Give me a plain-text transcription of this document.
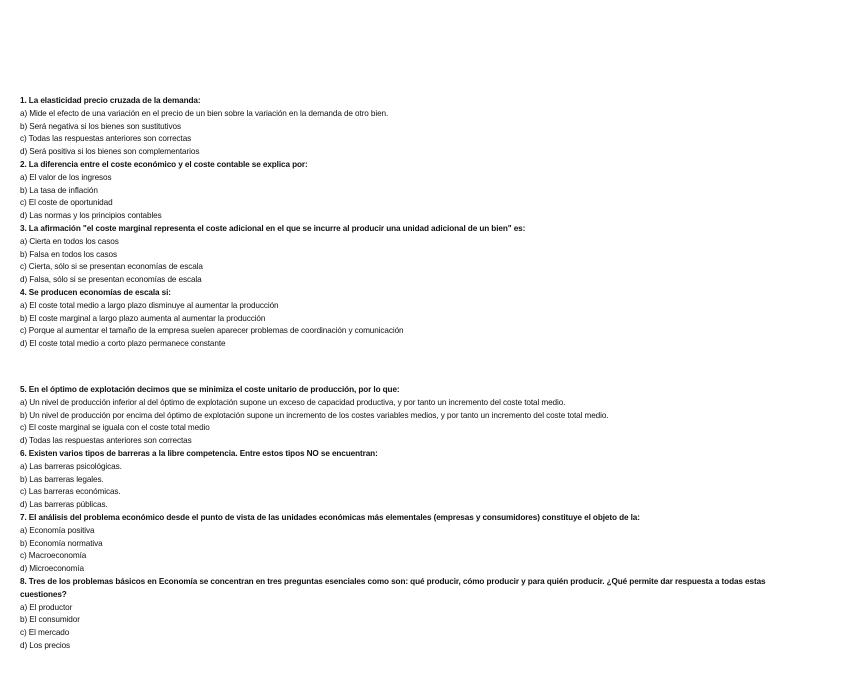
1. La elasticidad precio cruzada de la demanda:
a) Mide el efecto de una variación en el precio de un bien sobre la variación en la demanda de otro bien.
b) Será negativa si los bienes son sustitutivos
c) Todas las respuestas anteriores son correctas
d) Será positiva si los bienes son complementarios
2. La diferencia entre el coste económico y el coste contable se explica por:
a) El valor de los ingresos
b) La tasa de inflación
c) El coste de oportunidad
d) Las normas y los principios contables
3. La afirmación "el coste marginal representa el coste adicional en el que se incurre al producir una unidad adicional de un bien" es:
a) Cierta en todos los casos
b) Falsa en todos los casos
c) Cierta, sólo si se presentan economías de escala
d) Falsa, sólo si se presentan economías de escala
4. Se producen economías de escala si:
a) El coste total medio a largo plazo disminuye al aumentar la producción
b) El coste marginal a largo plazo aumenta al aumentar la producción
c) Porque al aumentar el tamaño de la empresa suelen aparecer problemas de coordinación y comunicación
d) El coste total medio a corto plazo permanece constante
5. En el óptimo de explotación decimos que se minimiza el coste unitario de producción, por lo que:
a) Un nivel de producción inferior al del óptimo de explotación supone un exceso de capacidad productiva, y por tanto un incremento del coste total medio.
b) Un nivel de producción por encima del óptimo de explotación supone un incremento de los costes variables medios, y por tanto un incremento del coste total medio.
c) El coste marginal se iguala con el coste total medio
d) Todas las respuestas anteriores son correctas
6. Existen varios tipos de barreras a la libre competencia. Entre estos tipos NO se encuentran:
a) Las barreras psicológicas.
b) Las barreras legales.
c) Las barreras económicas.
d) Las barreras públicas.
7. El análisis del problema económico desde el punto de vista de las unidades económicas más elementales (empresas y consumidores) constituye el objeto de la:
a) Economía positiva
b) Economía normativa
c) Macroeconomía
d) Microeconomía
8. Tres de los problemas básicos en Economía se concentran en tres preguntas esenciales como son: qué producir, cómo producir y para quién producir. ¿Qué permite dar respuesta a todas estas cuestiones?
a) El productor
b) El consumidor
c) El mercado
d) Los precios
